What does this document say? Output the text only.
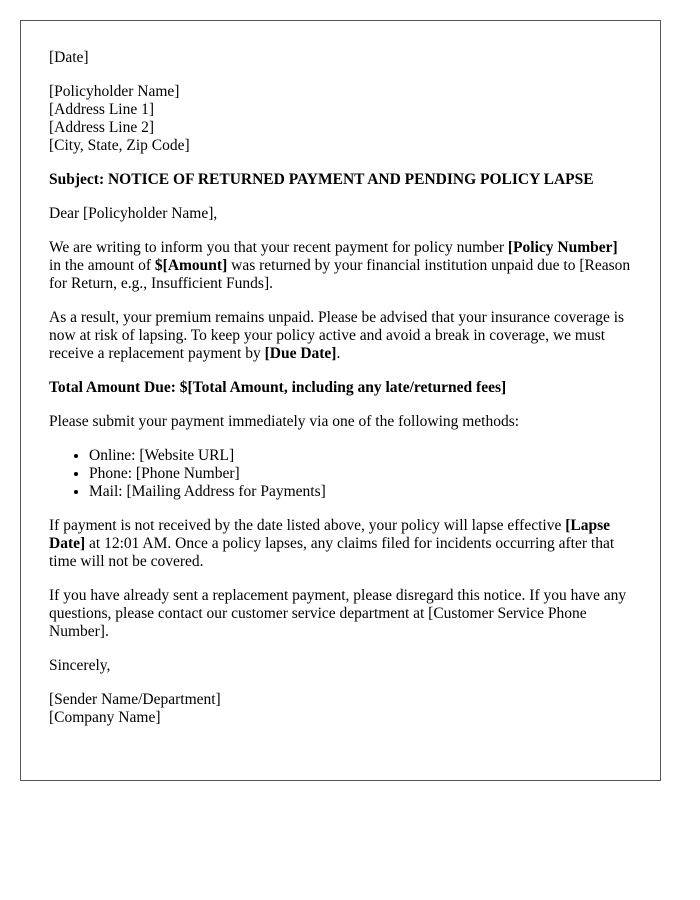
[Date]

[Policyholder Name]
[Address Line 1]
[Address Line 2]
[City, State, Zip Code]

Subject: NOTICE OF RETURNED PAYMENT AND PENDING POLICY LAPSE

Dear [Policyholder Name],

We are writing to inform you that your recent payment for policy number [Policy Number] in the amount of $[Amount] was returned by your financial institution unpaid due to [Reason for Return, e.g., Insufficient Funds].

As a result, your premium remains unpaid. Please be advised that your insurance coverage is now at risk of lapsing. To keep your policy active and avoid a break in coverage, we must receive a replacement payment by [Due Date].

Total Amount Due: $[Total Amount, including any late/returned fees]

Please submit your payment immediately via one of the following methods:

• Online: [Website URL]
• Phone: [Phone Number]
• Mail: [Mailing Address for Payments]

If payment is not received by the date listed above, your policy will lapse effective [Lapse Date] at 12:01 AM. Once a policy lapses, any claims filed for incidents occurring after that time will not be covered.

If you have already sent a replacement payment, please disregard this notice. If you have any questions, please contact our customer service department at [Customer Service Phone Number].

Sincerely,

[Sender Name/Department]
[Company Name]
